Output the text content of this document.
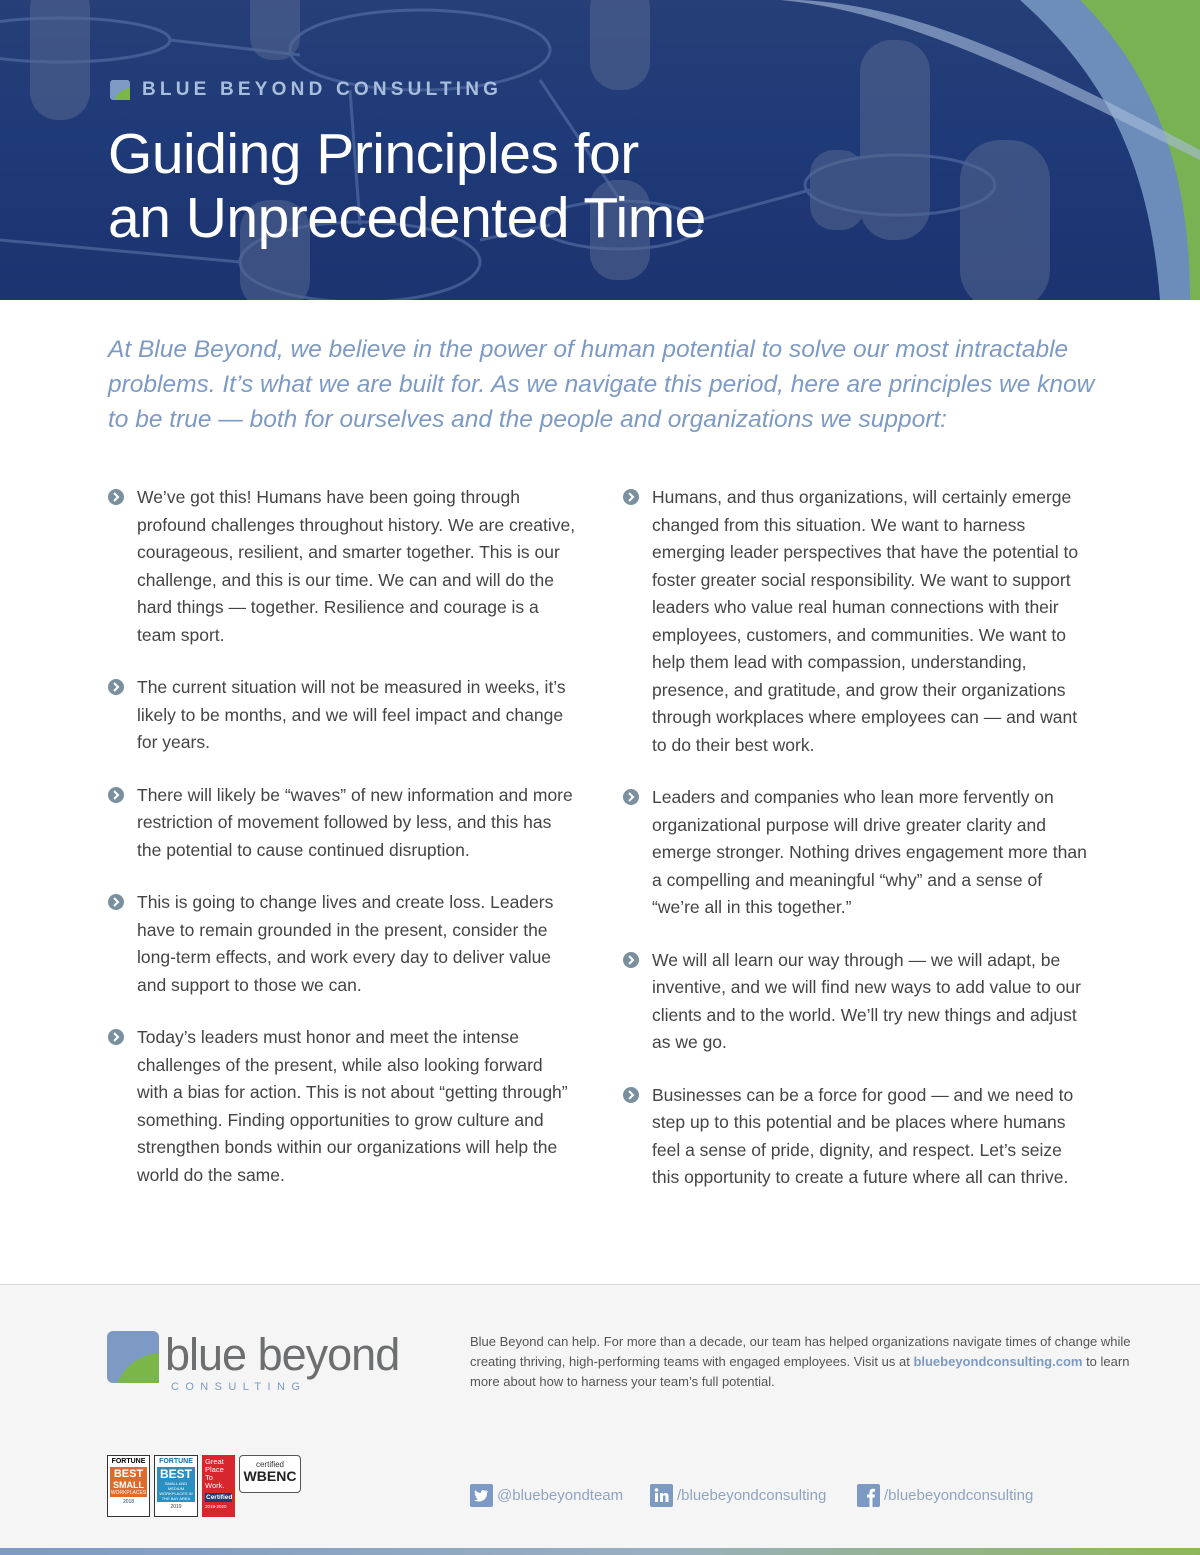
BLUE BEYOND CONSULTING
Guiding Principles for
an Unprecedented Time

At Blue Beyond, we believe in the power of human potential to solve our most intractable problems. It’s what we are built for. As we navigate this period, here are principles we know to be true — both for ourselves and the people and organizations we support:

We’ve got this! Humans have been going through profound challenges throughout history. We are creative, courageous, resilient, and smarter together. This is our challenge, and this is our time. We can and will do the hard things — together. Resilience and courage is a team sport.
The current situation will not be measured in weeks, it’s likely to be months, and we will feel impact and change for years.
There will likely be “waves” of new information and more restriction of movement followed by less, and this has the potential to cause continued disruption.
This is going to change lives and create loss. Leaders have to remain grounded in the present, consider the long-term effects, and work every day to deliver value and support to those we can.
Today’s leaders must honor and meet the intense challenges of the present, while also looking forward with a bias for action. This is not about “getting through” something. Finding opportunities to grow culture and strengthen bonds within our organizations will help the world do the same.
Humans, and thus organizations, will certainly emerge changed from this situation. We want to harness emerging leader perspectives that have the potential to foster greater social responsibility. We want to support leaders who value real human connections with their employees, customers, and communities. We want to help them lead with compassion, understanding, presence, and gratitude, and grow their organizations through workplaces where employees can — and want to do their best work.
Leaders and companies who lean more fervently on organizational purpose will drive greater clarity and emerge stronger. Nothing drives engagement more than a compelling and meaningful “why” and a sense of “we’re all in this together.”
We will all learn our way through — we will adapt, be inventive, and we will find new ways to add value to our clients and to the world. We’ll try new things and adjust as we go.
Businesses can be a force for good — and we need to step up to this potential and be places where humans feel a sense of pride, dignity, and respect. Let’s seize this opportunity to create a future where all can thrive.
blue beyond
CONSULTING

Blue Beyond can help. For more than a decade, our team has helped organizations navigate times of change while creating thriving, high-performing teams with engaged employees. Visit us at bluebeyondconsulting.com to learn more about how to harness your team’s full potential.

FORTUNE
BEST
SMALL
WORKPLACES
2018
FORTUNE
BEST
SMALL AND MEDIUM WORKPLACES IN THE BAY AREA
2019
Great Place To Work.
Certified
2019-2020
certified
WBENC
@bluebeyondteam	/bluebeyondconsulting	/bluebeyondconsulting
